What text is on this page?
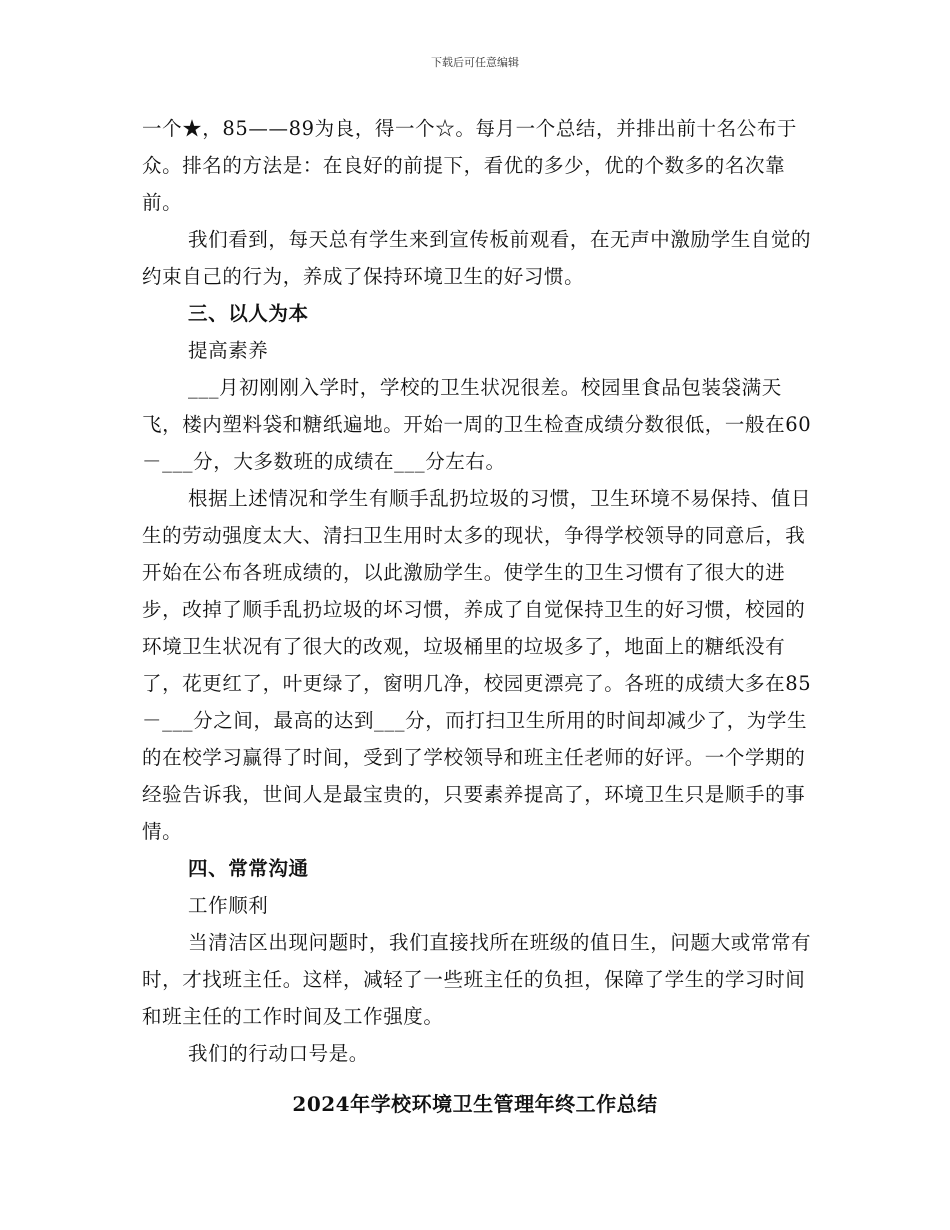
下载后可任意编辑

一个★，85——89为良，得一个☆。每月一个总结，并排出前十名公布于众。排名的方法是：在良好的前提下，看优的多少，优的个数多的名次靠前。

我们看到，每天总有学生来到宣传板前观看，在无声中激励学生自觉的约束自己的行为，养成了保持环境卫生的好习惯。

三、以人为本

提高素养

___月初刚刚入学时，学校的卫生状况很差。校园里食品包装袋满天飞，楼内塑料袋和糖纸遍地。开始一周的卫生检查成绩分数很低，一般在60－___分，大多数班的成绩在___分左右。

根据上述情况和学生有顺手乱扔垃圾的习惯，卫生环境不易保持、值日生的劳动强度太大、清扫卫生用时太多的现状，争得学校领导的同意后，我开始在公布各班成绩的，以此激励学生。使学生的卫生习惯有了很大的进步，改掉了顺手乱扔垃圾的坏习惯，养成了自觉保持卫生的好习惯，校园的环境卫生状况有了很大的改观，垃圾桶里的垃圾多了，地面上的糖纸没有了，花更红了，叶更绿了，窗明几净，校园更漂亮了。各班的成绩大多在85－___分之间，最高的达到___分，而打扫卫生所用的时间却减少了，为学生的在校学习赢得了时间，受到了学校领导和班主任老师的好评。一个学期的经验告诉我，世间人是最宝贵的，只要素养提高了，环境卫生只是顺手的事情。

四、常常沟通

工作顺利

当清洁区出现问题时，我们直接找所在班级的值日生，问题大或常常有时，才找班主任。这样，减轻了一些班主任的负担，保障了学生的学习时间和班主任的工作时间及工作强度。

我们的行动口号是。

2024年学校环境卫生管理年终工作总结
